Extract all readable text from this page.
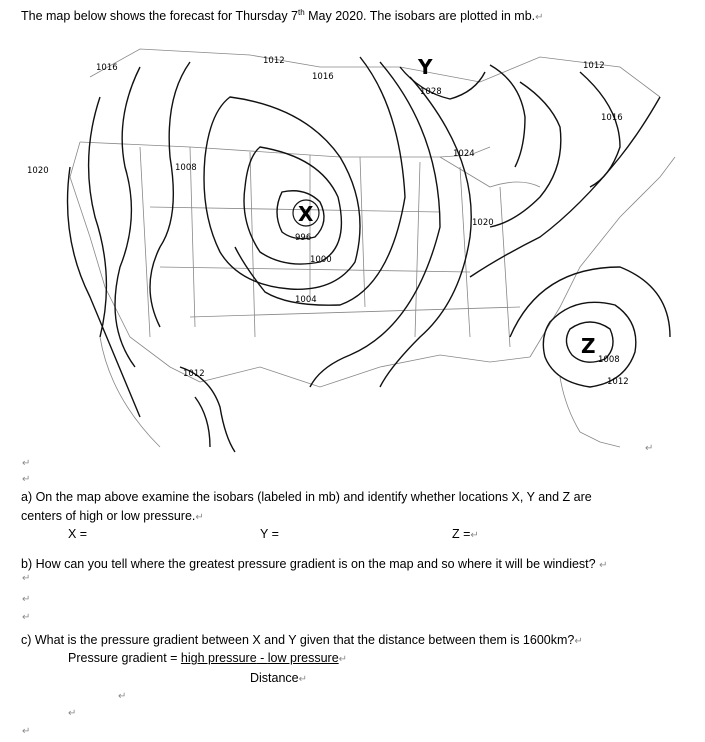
The map below shows the forecast for Thursday 7th May 2020. The isobars are plotted in mb.↵
Y
X
Z
1016
1012
1016
1028
1012
1016
1020	1008
1024
1020
996
1000
1004
1008
1012
1012
↵
↵
↵
a) On the map above examine the isobars (labeled in mb) and identify whether locations X, Y and Z are
centers of high or low pressure.↵
X =	Y =	Z =↵
b) How can you tell where the greatest pressure gradient is on the map and so where it will be windiest? ↵
↵
↵
↵
c) What is the pressure gradient between X and Y given that the distance between them is 1600km?↵
Pressure gradient = high pressure - low pressure↵
Distance↵
↵
↵
↵
